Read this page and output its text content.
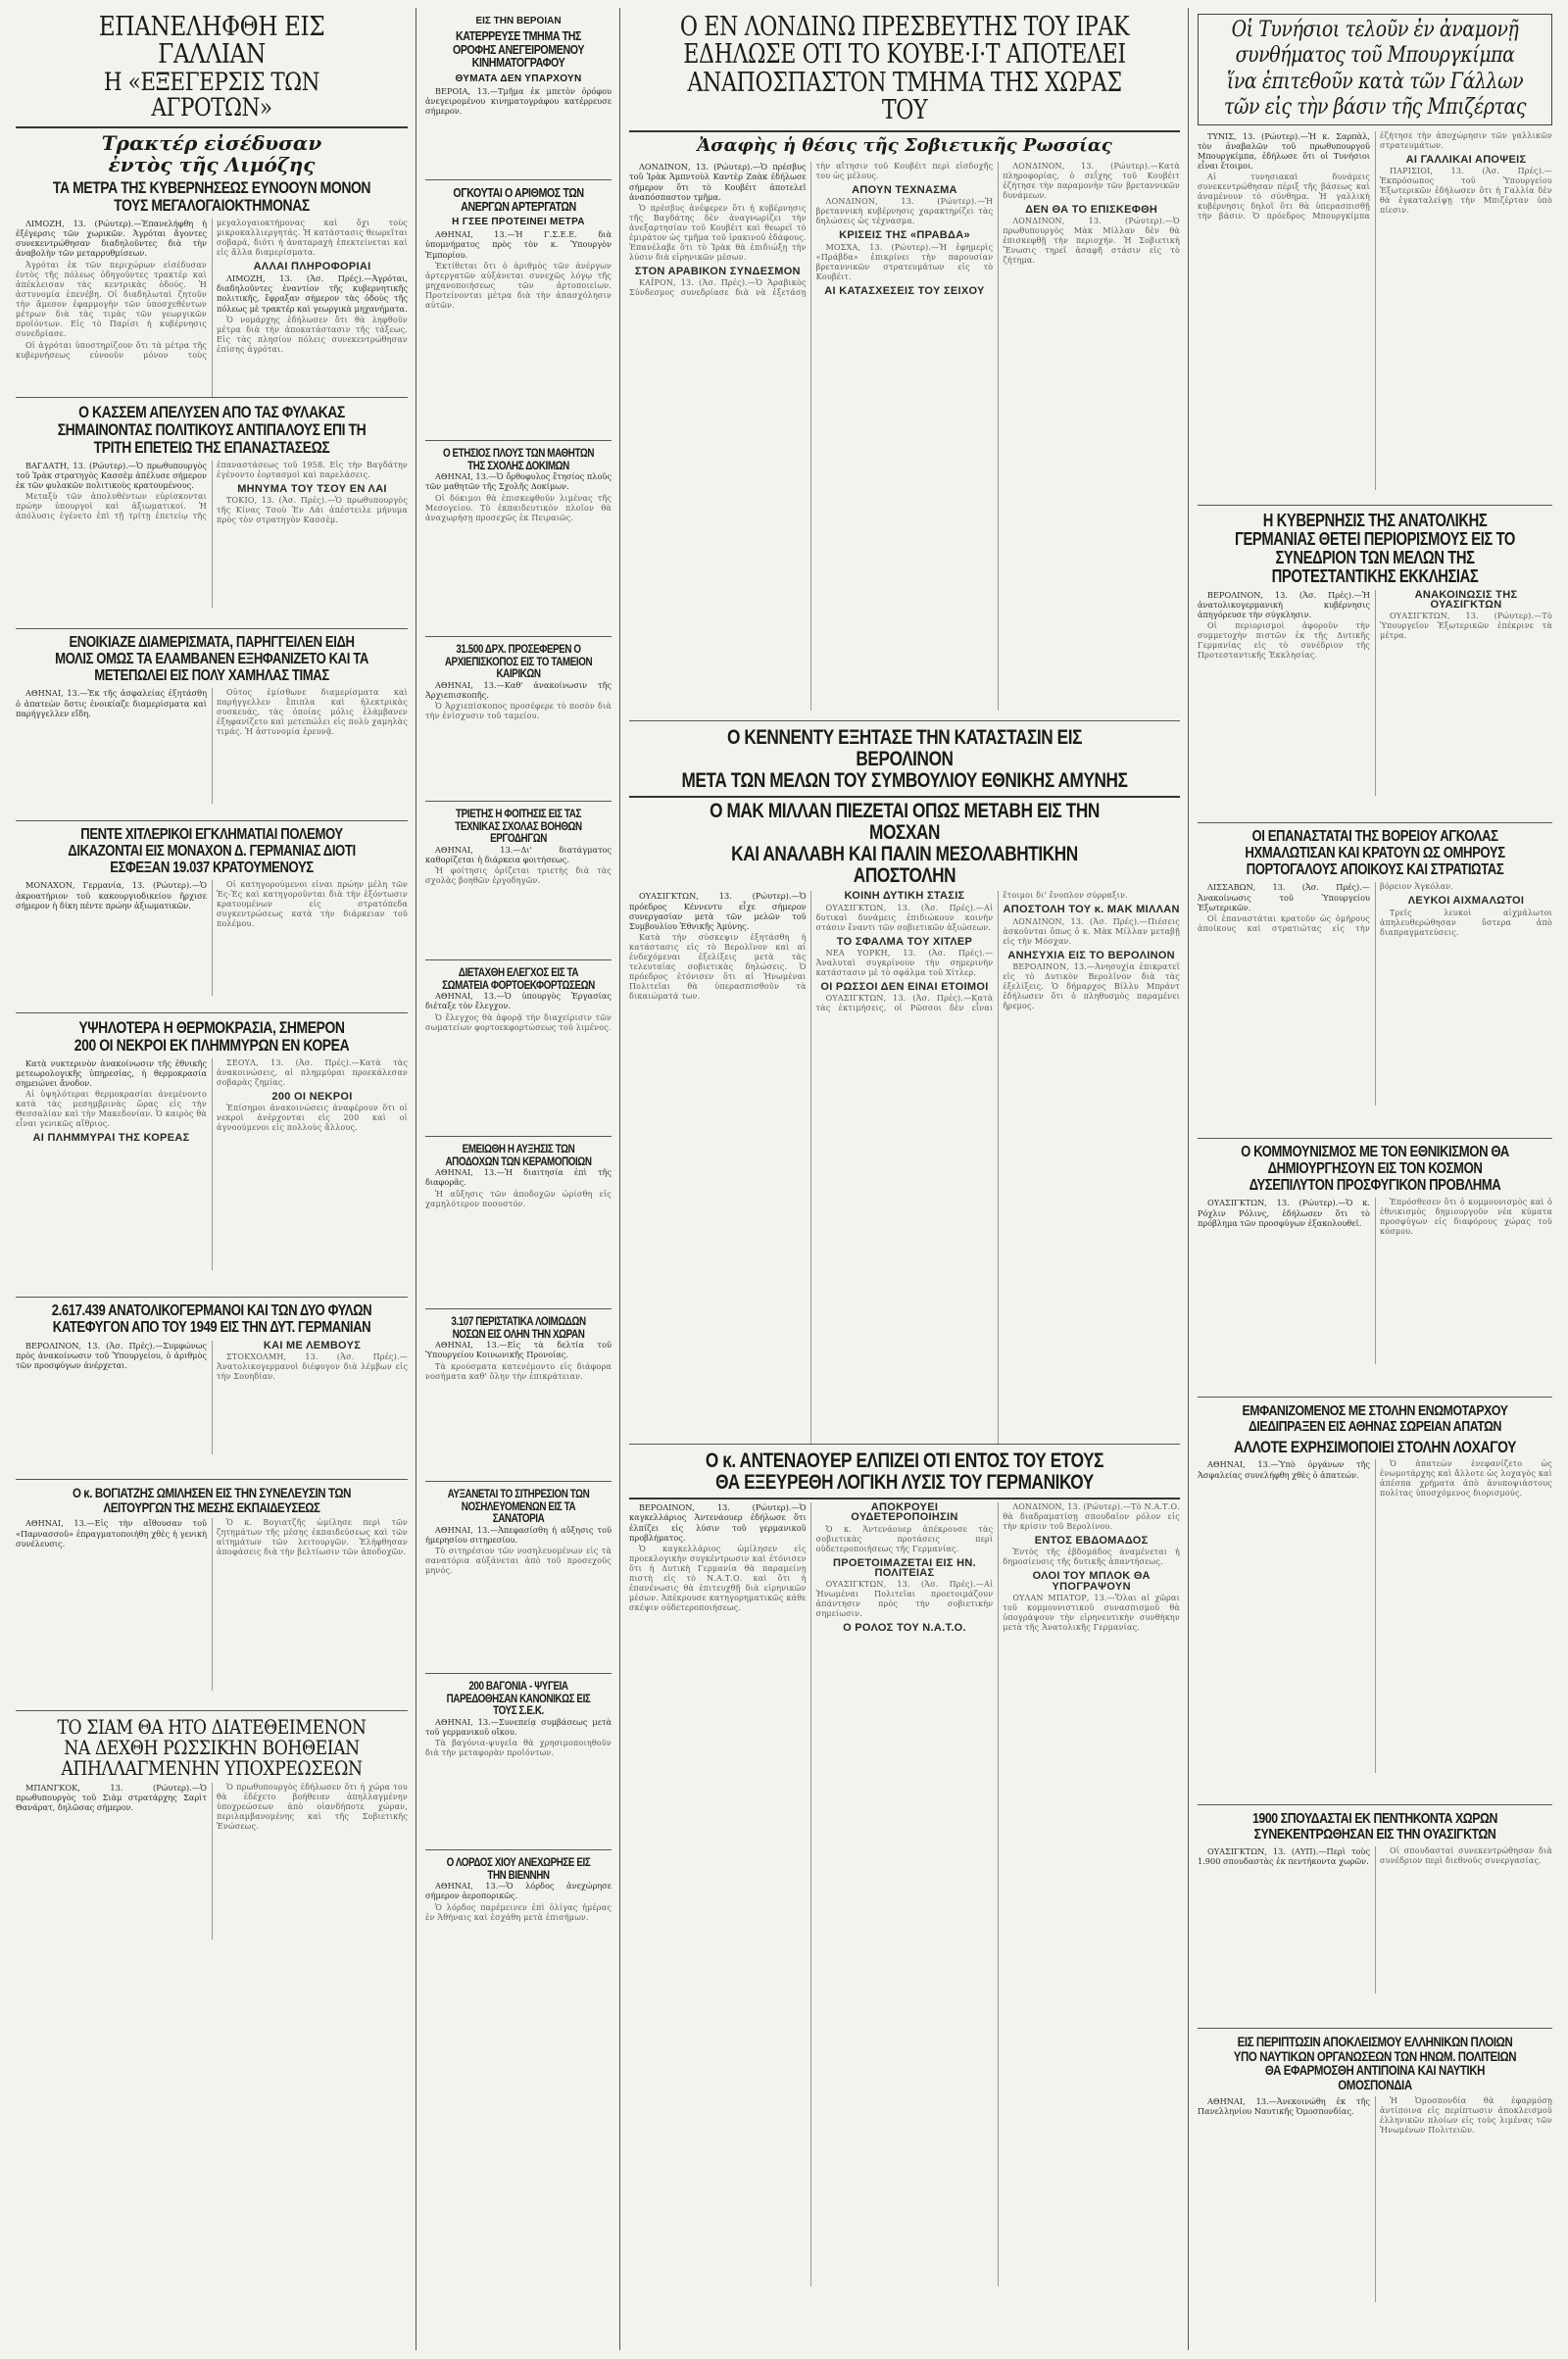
ΕΠΑΝΕΛΗΦΘΗ ΕΙΣ ΓΑΛΛΙΑΝ
Η «ΕΞΕΓΕΡΣΙΣ ΤΩΝ ΑΓΡΟΤΩΝ»
Τρακτέρ εἰσέδυσαν
ἐντὸς τῆς Λιμόζης
ΤΑ ΜΕΤΡΑ ΤΗΣ ΚΥΒΕΡΝΗΣΕΩΣ ΕΥΝΟΟΥΝ ΜΟΝΟΝ ΤΟΥΣ ΜΕΓΑΛΟΓΑΙΟΚΤΗΜΟΝΑΣ

ΛΙΜΟΖΗ, 13. (Ρώυτερ).—Ἐπανελήφθη ἡ ἐξέγερσις τῶν χωρικῶν. Ἀγρόται ἄγοντες συνεκεντρώθησαν διαδηλοῦντες διὰ τὴν ἀναβολὴν τῶν μεταρρυθμίσεων.

Ἀγρόται ἐκ τῶν περιχώρων εἰσέδυσαν ἐντὸς τῆς πόλεως ὁδηγοῦντες τρακτέρ καὶ ἀπέκλεισαν τὰς κεντρικὰς ὁδούς. Ἡ ἀστυνομία ἐπενέβη. Οἱ διαδηλωταὶ ζητοῦν τὴν ἄμεσον ἐφαρμογὴν τῶν ὑποσχεθέντων μέτρων διὰ τὰς τιμὰς τῶν γεωργικῶν προϊόντων. Εἰς τὸ Παρίσι ἡ κυβέρνησις συνεδρίασε.

Οἱ ἀγρόται ὑποστηρίζουν ὅτι τὰ μέτρα τῆς κυβερνήσεως εὐνοοῦν μόνον τοὺς μεγαλογαιοκτήμονας καὶ ὄχι τοὺς μικροκαλλιεργητάς. Ἡ κατάστασις θεωρεῖται σοβαρά, διότι ἡ ἀναταραχὴ ἐπεκτείνεται καὶ εἰς ἄλλα διαμερίσματα.

ΑΛΛΑΙ ΠΛΗΡΟΦΟΡΙΑΙ

ΛΙΜΟΖΗ, 13. (Ἀσ. Πρές).—Ἀγρόται, διαδηλοῦντες ἐναντίον τῆς κυβερνητικῆς πολιτικῆς, ἔφραξαν σήμερον τὰς ὁδοὺς τῆς πόλεως μὲ τρακτέρ καὶ γεωργικὰ μηχανήματα.

Ὁ νομάρχης ἐδήλωσεν ὅτι θὰ ληφθοῦν μέτρα διὰ τὴν ἀποκατάστασιν τῆς τάξεως. Εἰς τὰς πλησίον πόλεις συνεκεντρώθησαν ἐπίσης ἀγρόται.

Ο ΚΑΣΣΕΜ ΑΠΕΛΥΣΕΝ ΑΠΟ ΤΑΣ ΦΥΛΑΚΑΣ ΣΗΜΑΙΝΟΝΤΑΣ ΠΟΛΙΤΙΚΟΥΣ ΑΝΤΙΠΑΛΟΥΣ ΕΠΙ ΤΗ ΤΡΙΤΗ ΕΠΕΤΕΙΩ ΤΗΣ ΕΠΑΝΑΣΤΑΣΕΩΣ

ΒΑΓΔΑΤΗ, 13. (Ρώυτερ).—Ὁ πρωθυπουργὸς τοῦ Ἰρὰκ στρατηγὸς Κασσὲμ ἀπέλυσε σήμερον ἐκ τῶν φυλακῶν πολιτικοὺς κρατουμένους.

Μεταξὺ τῶν ἀπολυθέντων εὑρίσκονται πρώην ὑπουργοὶ καὶ ἀξιωματικοί. Ἡ ἀπόλυσις ἐγένετο ἐπὶ τῇ τρίτῃ ἐπετείῳ τῆς ἐπαναστάσεως τοῦ 1958. Εἰς τὴν Βαγδάτην ἐγένοντο ἑορτασμοὶ καὶ παρελάσεις.

ΜΗΝΥΜΑ ΤΟΥ ΤΣΟΥ ΕΝ ΛΑΙ

ΤΟΚΙΟ, 13. (Ἀσ. Πρές).—Ὁ πρωθυπουργὸς τῆς Κίνας Τσοὺ Ἐν Λάι ἀπέστειλε μήνυμα πρὸς τὸν στρατηγὸν Κασσὲμ.

ΕΝΟΙΚΙΑΖΕ ΔΙΑΜΕΡΙΣΜΑΤΑ, ΠΑΡΗΓΓΕΙΛΕΝ ΕΙΔΗ ΜΟΛΙΣ ΟΜΩΣ ΤΑ ΕΛΑΜΒΑΝΕΝ ΕΞΗΦΑΝΙΖΕΤΟ ΚΑΙ ΤΑ ΜΕΤΕΠΩΛΕΙ ΕΙΣ ΠΟΛΥ ΧΑΜΗΛΑΣ ΤΙΜΑΣ

ΑΘΗΝΑΙ, 13.—Ἐκ τῆς ἀσφαλείας ἐξητάσθη ὁ ἀπατεὼν ὅστις ἐνοικίαζε διαμερίσματα καὶ παρήγγελλεν εἴδη.

Οὗτος ἐμίσθωνε διαμερίσματα καὶ παρήγγελλεν ἔπιπλα καὶ ἠλεκτρικὰς συσκευάς, τὰς ὁποίας μόλις ἐλάμβανεν ἐξηφανίζετο καὶ μετεπώλει εἰς πολὺ χαμηλὰς τιμάς. Ἡ ἀστυνομία ἐρευνᾷ.

ΠΕΝΤΕ ΧΙΤΛΕΡΙΚΟΙ ΕΓΚΛΗΜΑΤΙΑΙ ΠΟΛΕΜΟΥ ΔΙΚΑΖΟΝΤΑΙ ΕΙΣ ΜΟΝΑΧΟΝ Δ. ΓΕΡΜΑΝΙΑΣ ΔΙΟΤΙ ΕΣΦΕΞΑΝ 19.037 ΚΡΑΤΟΥΜΕΝΟΥΣ

ΜΟΝΑΧΟΝ, Γερμανία, 13. (Ρώυτερ).—Ὁ ἀκροατήριον τοῦ κακουργιοδικείου ἤρχισε σήμερον ἡ δίκη πέντε πρώην ἀξιωματικῶν.

Οἱ κατηγορούμενοι εἶναι πρώην μέλη τῶν Ἐς-Ἐς καὶ κατηγοροῦνται διὰ τὴν ἐξόντωσιν κρατουμένων εἰς στρατόπεδα συγκεντρώσεως κατὰ τὴν διάρκειαν τοῦ πολέμου.

ΥΨΗΛΟΤΕΡΑ Η ΘΕΡΜΟΚΡΑΣΙΑ, ΣΗΜΕΡΟΝ
200 ΟΙ ΝΕΚΡΟΙ ΕΚ ΠΛΗΜΜΥΡΩΝ ΕΝ ΚΟΡΕΑ

Κατὰ νυκτερινὸν ἀνακοίνωσιν τῆς ἐθνικῆς μετεωρολογικῆς ὑπηρεσίας, ἡ θερμοκρασία σημειώνει ἄνοδον.

Αἱ ὑψηλότεραι θερμοκρασίαι ἀνεμένοντο κατὰ τὰς μεσημβρινὰς ὥρας εἰς τὴν Θεσσαλίαν καὶ τὴν Μακεδονίαν. Ὁ καιρὸς θὰ εἶναι γενικῶς αἴθριος.

ΑΙ ΠΛΗΜΜΥΡΑΙ ΤΗΣ ΚΟΡΕΑΣ

ΣΕΟΥΛ, 13. (Ἀσ. Πρές).—Κατὰ τὰς ἀνακοινώσεις, αἱ πλημμύραι προεκάλεσαν σοβαρὰς ζημίας.

200 ΟΙ ΝΕΚΡΟΙ

Ἐπίσημοι ἀνακοινώσεις ἀναφέρουν ὅτι οἱ νεκροὶ ἀνέρχονται εἰς 200 καὶ οἱ ἀγνοούμενοι εἰς πολλοὺς ἄλλους.

2.617.439 ΑΝΑΤΟΛΙΚΟΓΕΡΜΑΝΟΙ ΚΑΙ ΤΩΝ ΔΥΟ ΦΥΛΩΝ ΚΑΤΕΦΥΓΟΝ ΑΠΟ ΤΟΥ 1949 ΕΙΣ ΤΗΝ ΔΥΤ. ΓΕΡΜΑΝΙΑΝ

ΒΕΡΟΛΙΝΟΝ, 13. (Ἀσ. Πρές).—Συμφώνως πρὸς ἀνακοίνωσιν τοῦ Ὑπουργείου, ὁ ἀριθμὸς τῶν προσφύγων ἀνέρχεται.

ΚΑΙ ΜΕ ΛΕΜΒΟΥΣ

ΣΤΟΚΧΟΛΜΗ, 13. (Ἀσ. Πρές).—Ἀνατολικογερμανοὶ διέφυγον διὰ λέμβων εἰς τὴν Σουηδίαν.

Ο κ. ΒΟΓΙΑΤΖΗΣ ΩΜΙΛΗΣΕΝ ΕΙΣ ΤΗΝ ΣΥΝΕΛΕΥΣΙΝ ΤΩΝ ΛΕΙΤΟΥΡΓΩΝ ΤΗΣ ΜΕΣΗΣ ΕΚΠΑΙΔΕΥΣΕΩΣ

ΑΘΗΝΑΙ, 13.—Εἰς τὴν αἴθουσαν τοῦ «Παρνασσοῦ» ἐπραγματοποιήθη χθὲς ἡ γενικὴ συνέλευσις.

Ὁ κ. Βογιατζῆς ὡμίλησε περὶ τῶν ζητημάτων τῆς μέσης ἐκπαιδεύσεως καὶ τῶν αἰτημάτων τῶν λειτουργῶν. Ἐλήφθησαν ἀποφάσεις διὰ τὴν βελτίωσιν τῶν ἀποδοχῶν.

ΤΟ ΣΙΑΜ ΘΑ ΗΤΟ ΔΙΑΤΕΘΕΙΜΕΝΟΝ ΝΑ ΔΕΧΘΗ ΡΩΣΣΙΚΗΝ ΒΟΗΘΕΙΑΝ ΑΠΗΛΛΑΓΜΕΝΗΝ ΥΠΟΧΡΕΩΣΕΩΝ

ΜΠΑΝΓΚΟΚ, 13. (Ρώυτερ).—Ὁ πρωθυπουργὸς τοῦ Σιὰμ στρατάρχης Σαρὶτ Θανάρατ, δηλῶσας σήμερον.

Ὁ πρωθυπουργὸς ἐδήλωσεν ὅτι ἡ χώρα του θὰ ἐδέχετο βοήθειαν ἀπηλλαγμένην ὑποχρεώσεων ἀπὸ οἱανδήποτε χώραν, περιλαμβανομένης καὶ τῆς Σοβιετικῆς Ἑνώσεως.

ΕΙΣ ΤΗΝ ΒΕΡΟΙΑΝ
ΚΑΤΕΡΡΕΥΣΕ ΤΜΗΜΑ ΤΗΣ ΟΡΟΦΗΣ ΑΝΕΓΕΙΡΟΜΕΝΟΥ ΚΙΝΗΜΑΤΟΓΡΑΦΟΥ
ΘΥΜΑΤΑ ΔΕΝ ΥΠΑΡΧΟΥΝ

ΒΕΡΟΙΑ, 13.—Τμῆμα ἐκ μπετὸν ὀρόφου ἀνεγειρομένου κινηματογράφου κατέρρευσε σήμερον.

ΟΓΚΟΥΤΑΙ Ο ΑΡΙΘΜΟΣ ΤΩΝ ΑΝΕΡΓΩΝ ΑΡΤΕΡΓΑΤΩΝ
Η ΓΣΕΕ ΠΡΟΤΕΙΝΕΙ ΜΕΤΡΑ

ΑΘΗΝΑΙ, 13.—Ἡ Γ.Σ.Ε.Ε. διὰ ὑπομνήματος πρὸς τὸν κ. Ὑπουργὸν Ἐμπορίου.

Ἐκτίθεται ὅτι ὁ ἀριθμὸς τῶν ἀνέργων ἀρτεργατῶν αὐξάνεται συνεχῶς λόγῳ τῆς μηχανοποιήσεως τῶν ἀρτοποιείων. Προτείνονται μέτρα διὰ τὴν ἀπασχόλησιν αὐτῶν.

Ο ΕΤΗΣΙΟΣ ΠΛΟΥΣ ΤΩΝ ΜΑΘΗΤΩΝ ΤΗΣ ΣΧΟΛΗΣ ΔΟΚΙΜΩΝ

ΑΘΗΝΑΙ, 13.—Ὁ ὄρθοφυλος ἔτησίος πλοῦς τῶν μαθητῶν τῆς Σχολῆς Δοκίμων.

Οἱ δόκιμοι θὰ ἐπισκεφθοῦν λιμένας τῆς Μεσογείου. Τὸ ἐκπαιδευτικὸν πλοῖον θὰ ἀναχωρήσῃ προσεχῶς ἐκ Πειραιῶς.

31.500 ΔΡΧ. ΠΡΟΣΕΦΕΡΕΝ Ο ΑΡΧΙΕΠΙΣΚΟΠΟΣ ΕΙΣ ΤΟ ΤΑΜΕΙΟΝ ΚΑΙΡΙΚΩΝ

ΑΘΗΝΑΙ, 13.—Καθ' ἀνακοίνωσιν τῆς Ἀρχιεπισκοπῆς.

Ὁ Ἀρχιεπίσκοπος προσέφερε τὸ ποσὸν διὰ τὴν ἐνίσχυσιν τοῦ ταμείου.

ΤΡΙΕΤΗΣ Η ΦΟΙΤΗΣΙΣ ΕΙΣ ΤΑΣ ΤΕΧΝΙΚΑΣ ΣΧΟΛΑΣ ΒΟΗΘΩΝ ΕΡΓΟΔΗΓΩΝ

ΑΘΗΝΑΙ, 13.—Δι' διατάγματος καθορίζεται ἡ διάρκεια φοιτήσεως.

Ἡ φοίτησις ὁρίζεται τριετὴς διὰ τὰς σχολὰς βοηθῶν ἐργοδηγῶν.

ΔΙΕΤΑΧΘΗ ΕΛΕΓΧΟΣ ΕΙΣ ΤΑ ΣΩΜΑΤΕΙΑ ΦΟΡΤΟΕΚΦΟΡΤΩΣΕΩΝ

ΑΘΗΝΑΙ, 13.—Ὁ ὑπουργὸς Ἐργασίας διέταξε τὸν ἔλεγχον.

Ὁ ἔλεγχος θὰ ἀφορᾷ τὴν διαχείρισιν τῶν σωματείων φορτοεκφορτώσεως τοῦ λιμένος.

ΕΜΕΙΩΘΗ Η ΑΥΞΗΣΙΣ ΤΩΝ ΑΠΟΔΟΧΩΝ ΤΩΝ ΚΕΡΑΜΟΠΟΙΩΝ

ΑΘΗΝΑΙ, 13.—Ἡ διαιτησία ἐπὶ τῆς διαφορᾶς.

Ἡ αὔξησις τῶν ἀποδοχῶν ὡρίσθη εἰς χαμηλότερον ποσοστόν.

3.107 ΠΕΡΙΣΤΑΤΙΚΑ ΛΟΙΜΩΔΩΝ ΝΟΣΩΝ ΕΙΣ ΟΛΗΝ ΤΗΝ ΧΩΡΑΝ

ΑΘΗΝΑΙ, 13.—Εἰς τὰ δελτία τοῦ Ὑπουργείου Κοινωνικῆς Προνοίας.

Τὰ κρούσματα κατενέμοντο εἰς διάφορα νοσήματα καθ' ὅλην τὴν ἐπικράτειαν.

ΑΥΞΑΝΕΤΑΙ ΤΟ ΣΙΤΗΡΕΣΙΟΝ ΤΩΝ ΝΟΣΗΛΕΥΟΜΕΝΩΝ ΕΙΣ ΤΑ ΣΑΝΑΤΟΡΙΑ

ΑΘΗΝΑΙ, 13.—Ἀπεφασίσθη ἡ αὔξησις τοῦ ἡμερησίου σιτηρεσίου.

Τὸ σιτηρέσιον τῶν νοσηλευομένων εἰς τὰ σανατόρια αὐξάνεται ἀπὸ τοῦ προσεχοῦς μηνός.

200 ΒΑΓΟΝΙΑ - ΨΥΓΕΙΑ ΠΑΡΕΔΟΘΗΣΑΝ ΚΑΝΟΝΙΚΩΣ ΕΙΣ ΤΟΥΣ Σ.Ε.Κ.

ΑΘΗΝΑΙ, 13.—Συνεπείᾳ συμβάσεως μετὰ τοῦ γερμανικοῦ οἴκου.

Τὰ βαγόνια-ψυγεῖα θὰ χρησιμοποιηθοῦν διὰ τὴν μεταφορὰν προϊόντων.

Ο ΛΟΡΔΟΣ ΧΙΟΥ ΑΝΕΧΩΡΗΣΕ ΕΙΣ ΤΗΝ ΒΙΕΝΝΗΝ

ΑΘΗΝΑΙ, 13.—Ὁ λόρδος ἀνεχώρησε σήμερον ἀεροπορικῶς.

Ὁ λόρδος παρέμεινεν ἐπὶ ὀλίγας ἡμέρας ἐν Ἀθήναις καὶ ἐσχάθη μετὰ ἐπισήμων.

Ο ΕΝ ΛΟΝΔΙΝΩ ΠΡΕΣΒΕΥΤΗΣ ΤΟΥ ΙΡΑΚ
ΕΔΗΛΩΣΕ ΟΤΙ ΤΟ ΚΟΥΒΕ·Ι·Τ ΑΠΟΤΕΛΕΙ
ΑΝΑΠΟΣΠΑΣΤΟΝ ΤΜΗΜΑ ΤΗΣ ΧΩΡΑΣ ΤΟΥ
Ἀσαφὴς ἡ θέσις τῆς Σοβιετικῆς Ρωσσίας

ΛΟΝΔΙΝΟΝ, 13. (Ρώυτερ).—Ὁ πρέσβυς τοῦ Ἰρὰκ Ἀμπντοὺλ Καντὲρ Ζαὰκ ἐδήλωσε σήμερον ὅτι τὸ Κουβέιτ ἀποτελεῖ ἀναπόσπαστον τμῆμα.

Ὁ πρέσβυς ἀνέφερεν ὅτι ἡ κυβέρνησις τῆς Βαγδάτης δὲν ἀναγνωρίζει τὴν ἀνεξαρτησίαν τοῦ Κουβέιτ καὶ θεωρεῖ τὸ ἐμιράτον ὡς τμῆμα τοῦ ἰρακινοῦ ἐδάφους. Ἐπανέλαβε ὅτι τὸ Ἰρὰκ θὰ ἐπιδιώξῃ τὴν λύσιν διὰ εἰρηνικῶν μέσων.

ΣΤΟΝ ΑΡΑΒΙΚΟΝ ΣΥΝΔΕΣΜΟΝ

ΚΑΪΡΟΝ, 13. (Ἀσ. Πρές).—Ὁ Ἀραβικὸς Σύνδεσμος συνεδρίασε διὰ νὰ ἐξετάσῃ τὴν αἴτησιν τοῦ Κουβέιτ περὶ εἰσδοχῆς του ὡς μέλους.

ΑΠΟΥΝ ΤΕΧΝΑΣΜΑ

ΛΟΝΔΙΝΟΝ, 13. (Ρώυτερ).—Ἡ βρεταννικὴ κυβέρνησις χαρακτηρίζει τὰς δηλώσεις ὡς τέχνασμα.

ΚΡΙΣΕΙΣ ΤΗΣ «ΠΡΑΒΔΑ»

ΜΟΣΧΑ, 13. (Ρώυτερ).—Ἡ ἐφημερὶς «Πράβδα» ἐπικρίνει τὴν παρουσίαν βρεταννικῶν στρατευμάτων εἰς τὸ Κουβέιτ.

ΑΙ ΚΑΤΑΣΧΕΣΕΙΣ ΤΟΥ ΣΕΙΧΟΥ

ΛΟΝΔΙΝΟΝ, 13. (Ρώυτερ).—Κατὰ πληροφορίας, ὁ σεΐχης τοῦ Κουβέιτ ἐζήτησε τὴν παραμονὴν τῶν βρεταννικῶν δυνάμεων.

ΔΕΝ ΘΑ ΤΟ ΕΠΙΣΚΕΦΘΗ

ΛΟΝΔΙΝΟΝ, 13. (Ρώυτερ).—Ὁ πρωθυπουργὸς Μὰκ Μίλλαν δὲν θὰ ἐπισκεφθῇ τὴν περιοχήν. Ἡ Σοβιετικὴ Ἕνωσις τηρεῖ ἀσαφῆ στάσιν εἰς τὸ ζήτημα.

Ο ΚΕΝΝΕΝΤΥ ΕΞΗΤΑΣΕ ΤΗΝ ΚΑΤΑΣΤΑΣΙΝ ΕΙΣ ΒΕΡΟΛΙΝΟΝ
ΜΕΤΑ ΤΩΝ ΜΕΛΩΝ ΤΟΥ ΣΥΜΒΟΥΛΙΟΥ ΕΘΝΙΚΗΣ ΑΜΥΝΗΣ
Ο ΜΑΚ ΜΙΛΛΑΝ ΠΙΕΖΕΤΑΙ ΟΠΩΣ ΜΕΤΑΒΗ ΕΙΣ ΤΗΝ ΜΟΣΧΑΝ
ΚΑΙ ΑΝΑΛΑΒΗ ΚΑΙ ΠΑΛΙΝ ΜΕΣΟΛΑΒΗΤΙΚΗΝ ΑΠΟΣΤΟΛΗΝ

ΟΥΑΣΙΓΚΤΩΝ, 13. (Ρώυτερ).—Ὁ πρόεδρος Κέννεντυ εἶχε σήμερον συνεργασίαν μετὰ τῶν μελῶν τοῦ Συμβουλίου Ἐθνικῆς Ἀμύνης.

Κατὰ τὴν σύσκεψιν ἐξητάσθη ἡ κατάστασις εἰς τὸ Βερολῖνον καὶ αἱ ἐνδεχόμεναι ἐξελίξεις μετὰ τὰς τελευταίας σοβιετικὰς δηλώσεις. Ὁ πρόεδρος ἐτόνισεν ὅτι αἱ Ἡνωμέναι Πολιτεῖαι θὰ ὑπερασπισθοῦν τὰ δικαιώματά των.

ΚΟΙΝΗ ΔΥΤΙΚΗ ΣΤΑΣΙΣ

ΟΥΑΣΙΓΚΤΩΝ, 13. (Ἀσ. Πρές).—Αἱ δυτικαὶ δυνάμεις ἐπιδιώκουν κοινὴν στάσιν ἔναντι τῶν σοβιετικῶν ἀξιώσεων.

ΤΟ ΣΦΑΛΜΑ ΤΟΥ ΧΙΤΛΕΡ

ΝΕΑ ΥΟΡΚΗ, 13. (Ἀσ. Πρές).—Ἀναλυταὶ συγκρίνουν τὴν σημερινὴν κατάστασιν μὲ τὸ σφάλμα τοῦ Χίτλερ.

ΟΙ ΡΩΣΣΟΙ ΔΕΝ ΕΙΝΑΙ ΕΤΟΙΜΟΙ

ΟΥΑΣΙΓΚΤΩΝ, 13. (Ἀσ. Πρές).—Κατὰ τὰς ἐκτιμήσεις, οἱ Ρῶσσοι δὲν εἶναι ἕτοιμοι δι' ἔνοπλον σύρραξιν.

ΑΠΟΣΤΟΛΗ ΤΟΥ κ. ΜΑΚ ΜΙΛΛΑΝ

ΛΟΝΔΙΝΟΝ, 13. (Ἀσ. Πρές).—Πιέσεις ἀσκοῦνται ὅπως ὁ κ. Μὰκ Μίλλαν μεταβῇ εἰς τὴν Μόσχαν.

ΑΝΗΣΥΧΙΑ ΕΙΣ ΤΟ ΒΕΡΟΛΙΝΟΝ

ΒΕΡΟΛΙΝΟΝ, 13.—Ἀνησυχία ἐπικρατεῖ εἰς τὸ Δυτικὸν Βερολῖνον διὰ τὰς ἐξελίξεις. Ὁ δήμαρχος Βίλλυ Μπράντ ἐδήλωσεν ὅτι ὁ πληθυσμὸς παραμένει ἤρεμος.

Ο κ. ΑΝΤΕΝΑΟΥΕΡ ΕΛΠΙΖΕΙ ΟΤΙ ΕΝΤΟΣ ΤΟΥ ΕΤΟΥΣ
ΘΑ ΕΞΕΥΡΕΘΗ ΛΟΓΙΚΗ ΛΥΣΙΣ ΤΟΥ ΓΕΡΜΑΝΙΚΟΥ

ΒΕΡΟΛΙΝΟΝ, 13. (Ρώυτερ).—Ὁ καγκελλάριος Ἀντενάουερ ἐδήλωσε ὅτι ἐλπίζει εἰς λύσιν τοῦ γερμανικοῦ προβλήματος.

Ὁ καγκελλάριος ὡμίλησεν εἰς προεκλογικὴν συγκέντρωσιν καὶ ἐτόνισεν ὅτι ἡ Δυτικὴ Γερμανία θὰ παραμείνῃ πιστὴ εἰς τὸ Ν.Α.Τ.Ο. καὶ ὅτι ἡ ἐπανένωσις θὰ ἐπιτευχθῇ διὰ εἰρηνικῶν μέσων. Ἀπέκρουσε κατηγορηματικῶς κάθε σκέψιν οὐδετεροποιήσεως.

ΑΠΟΚΡΟΥΕΙ ΟΥΔΕΤΕΡΟΠΟΙΗΣΙΝ

Ὁ κ. Ἀντενάουερ ἀπέκρουσε τὰς σοβιετικὰς προτάσεις περὶ οὐδετεροποιήσεως τῆς Γερμανίας.

ΠΡΟΕΤΟΙΜΑΖΕΤΑΙ ΕΙΣ ΗΝ. ΠΟΛΙΤΕΙΑΣ

ΟΥΑΣΙΓΚΤΩΝ, 13. (Ἀσ. Πρές).—Αἱ Ἡνωμέναι Πολιτεῖαι προετοιμάζουν ἀπάντησιν πρὸς τὴν σοβιετικὴν σημείωσιν.

Ο ΡΟΛΟΣ ΤΟΥ Ν.Α.Τ.Ο.

ΛΟΝΔΙΝΟΝ, 13. (Ρώυτερ).—Τὸ Ν.Α.Τ.Ο. θὰ διαδραματίσῃ σπουδαῖον ρόλον εἰς τὴν κρίσιν τοῦ Βερολίνου.

ΕΝΤΟΣ ΕΒΔΟΜΑΔΟΣ

Ἐντὸς τῆς ἑβδομάδος ἀναμένεται ἡ δημοσίευσις τῆς δυτικῆς ἀπαντήσεως.

ΟΛΟΙ ΤΟΥ ΜΠΛΟΚ ΘΑ ΥΠΟΓΡΑΨΟΥΝ

ΟΥΛΑΝ ΜΠΑΤΟΡ, 13.—Ὅλαι αἱ χῶραι τοῦ κομμουνιστικοῦ συνασπισμοῦ θὰ ὑπογράψουν τὴν εἰρηνευτικὴν συνθήκην μετὰ τῆς Ἀνατολικῆς Γερμανίας.

Οἱ Τυνήσιοι τελοῦν ἐν ἀναμονῇ συνθήματος τοῦ Μπουργκίμπα ἵνα ἐπιτεθοῦν κατὰ τῶν Γάλλων τῶν εἰς τὴν βάσιν τῆς Μπιζέρτας

ΤΥΝΙΣ, 13. (Ρώυτερ).—Ἡ κ. Σαρπὰλ, τὸν ἀναβαλῶν τοῦ πρωθυπουργοῦ Μπουργκίμπα, ἐδήλωσε ὅτι οἱ Τυνήσιοι εἶναι ἕτοιμοι.

Αἱ τυνησιακαὶ δυνάμεις συνεκεντρώθησαν πέριξ τῆς βάσεως καὶ ἀναμένουν τὸ σύνθημα. Ἡ γαλλικὴ κυβέρνησις δηλοῖ ὅτι θὰ ὑπερασπισθῇ τὴν βάσιν. Ὁ πρόεδρος Μπουργκίμπα ἐζήτησε τὴν ἀποχώρησιν τῶν γαλλικῶν στρατευμάτων.

ΑΙ ΓΑΛΛΙΚΑΙ ΑΠΟΨΕΙΣ

ΠΑΡΙΣΙΟΙ, 13. (Ἀσ. Πρές).—Ἐκπρόσωπος τοῦ Ὑπουργείου Ἐξωτερικῶν ἐδήλωσεν ὅτι ἡ Γαλλία δὲν θὰ ἐγκαταλείψῃ τὴν Μπιζέρταν ὑπὸ πίεσιν.

Η ΚΥΒΕΡΝΗΣΙΣ ΤΗΣ ΑΝΑΤΟΛΙΚΗΣ ΓΕΡΜΑΝΙΑΣ ΘΕΤΕΙ ΠΕΡΙΟΡΙΣΜΟΥΣ ΕΙΣ ΤΟ ΣΥΝΕΔΡΙΟΝ ΤΩΝ ΜΕΛΩΝ ΤΗΣ ΠΡΟΤΕΣΤΑΝΤΙΚΗΣ ΕΚΚΛΗΣΙΑΣ

ΒΕΡΟΛΙΝΟΝ, 13. (Ἀσ. Πρές).—Ἡ ἀνατολικογερμανικὴ κυβέρνησις ἀπηγόρευσε τὴν σύγκλησιν.

Οἱ περιορισμοὶ ἀφοροῦν τὴν συμμετοχὴν πιστῶν ἐκ τῆς Δυτικῆς Γερμανίας εἰς τὸ συνέδριον τῆς Προτεσταντικῆς Ἐκκλησίας.

ΑΝΑΚΟΙΝΩΣΙΣ ΤΗΣ ΟΥΑΣΙΓΚΤΩΝ

ΟΥΑΣΙΓΚΤΩΝ, 13. (Ρώυτερ).—Τὸ Ὑπουργεῖον Ἐξωτερικῶν ἐπέκρινε τὰ μέτρα.

ΟΙ ΕΠΑΝΑΣΤΑΤΑΙ ΤΗΣ ΒΟΡΕΙΟΥ ΑΓΚΟΛΑΣ ΗΧΜΑΛΩΤΙΣΑΝ ΚΑΙ ΚΡΑΤΟΥΝ ΩΣ ΟΜΗΡΟΥΣ ΠΟΡΤΟΓΑΛΟΥΣ ΑΠΟΙΚΟΥΣ ΚΑΙ ΣΤΡΑΤΙΩΤΑΣ

ΛΙΣΣΑΒΩΝ, 13. (Ἀσ. Πρές).—Ἀνακοίνωσις τοῦ Ὑπουργείου Ἐξωτερικῶν.

Οἱ ἐπαναστάται κρατοῦν ὡς ὁμήρους ἀποίκους καὶ στρατιώτας εἰς τὴν βόρειον Ἀγκόλαν.

ΛΕΥΚΟΙ ΑΙΧΜΑΛΩΤΟΙ

Τρεῖς λευκοὶ αἰχμάλωτοι ἀπηλευθερώθησαν ὕστερα ἀπὸ διαπραγματεύσεις.

Ο ΚΟΜΜΟΥΝΙΣΜΟΣ ΜΕ ΤΟΝ ΕΘΝΙΚΙΣΜΟΝ ΘΑ ΔΗΜΙΟΥΡΓΗΣΟΥΝ ΕΙΣ ΤΟΝ ΚΟΣΜΟΝ ΔΥΣΕΠΙΛΥΤΟΝ ΠΡΟΣΦΥΓΙΚΟΝ ΠΡΟΒΛΗΜΑ

ΟΥΑΣΙΓΚΤΩΝ, 13. (Ρώυτερ).—Ὁ κ. Ρόχλιν Ρόλινς, ἐδήλωσεν ὅτι τὸ πρόβλημα τῶν προσφύγων ἐξακολουθεῖ.

Ἐπρόσθεσεν ὅτι ὁ κομμουνισμὸς καὶ ὁ ἐθνικισμὸς δημιουργοῦν νέα κύματα προσφύγων εἰς διαφόρους χώρας τοῦ κόσμου.

ΕΜΦΑΝΙΖΟΜΕΝΟΣ ΜΕ ΣΤΟΛΗΝ ΕΝΩΜΟΤΑΡΧΟΥ ΔΙΕΔΙΠΡΑΞΕΝ ΕΙΣ ΑΘΗΝΑΣ ΣΩΡΕΙΑΝ ΑΠΑΤΩΝ
ΑΛΛΟΤΕ ΕΧΡΗΣΙΜΟΠΟΙΕΙ ΣΤΟΛΗΝ ΛΟΧΑΓΟΥ

ΑΘΗΝΑΙ, 13.—Ὑπὸ ὀργάνων τῆς Ἀσφαλείας συνελήφθη χθὲς ὁ ἀπατεών.

Ὁ ἀπατεὼν ἐνεφανίζετο ὡς ἐνωμοτάρχης καὶ ἄλλοτε ὡς λοχαγὸς καὶ ἀπέσπα χρήματα ἀπὸ ἀνυποψιάστους πολίτας ὑποσχόμενος διορισμούς.

1900 ΣΠΟΥΔΑΣΤΑΙ ΕΚ ΠΕΝΤΗΚΟΝΤΑ ΧΩΡΩΝ ΣΥΝΕΚΕΝΤΡΩΘΗΣΑΝ ΕΙΣ ΤΗΝ ΟΥΑΣΙΓΚΤΩΝ

ΟΥΑΣΙΓΚΤΩΝ, 13. (ΑΥΠ).—Περὶ τοὺς 1.900 σπουδαστὰς ἐκ πεντήκοντα χωρῶν.

Οἱ σπουδασταὶ συνεκεντρώθησαν διὰ συνέδριον περὶ διεθνοῦς συνεργασίας.

ΕΙΣ ΠΕΡΙΠΤΩΣΙΝ ΑΠΟΚΛΕΙΣΜΟΥ ΕΛΛΗΝΙΚΩΝ ΠΛΟΙΩΝ ΥΠΟ ΝΑΥΤΙΚΩΝ ΟΡΓΑΝΩΣΕΩΝ ΤΩΝ ΗΝΩΜ. ΠΟΛΙΤΕΙΩΝ ΘΑ ΕΦΑΡΜΟΣΘΗ ΑΝΤΙΠΟΙΝΑ ΚΑΙ ΝΑΥΤΙΚΗ ΟΜΟΣΠΟΝΔΙΑ

ΑΘΗΝΑΙ, 13.—Ἀνεκοινώθη ἐκ τῆς Πανελληνίου Ναυτικῆς Ὁμοσπονδίας.

Ἡ Ὁμοσπονδία θὰ ἐφαρμόσῃ ἀντίποινα εἰς περίπτωσιν ἀποκλεισμοῦ ἑλληνικῶν πλοίων εἰς τοὺς λιμένας τῶν Ἡνωμένων Πολιτειῶν.
